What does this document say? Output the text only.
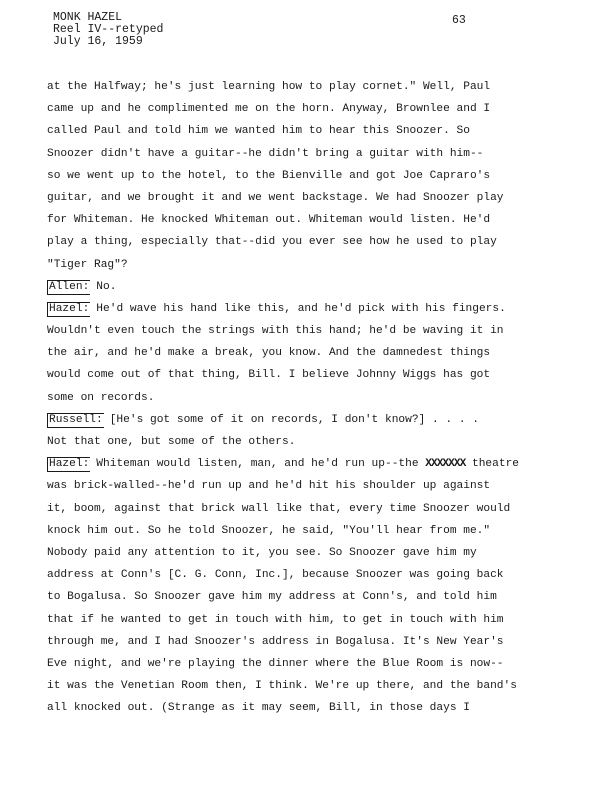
MONK HAZEL
Reel IV--retyped
July 16, 1959
63
at the Halfway; he's just learning how to play cornet." Well, Paul
came up and he complimented me on the horn. Anyway, Brownlee and I
called Paul and told him we wanted him to hear this Snoozer. So
Snoozer didn't have a guitar--he didn't bring a guitar with him--
so we went up to the hotel, to the Bienville and got Joe Capraro's
guitar, and we brought it and we went backstage. We had Snoozer play
for Whiteman. He knocked Whiteman out. Whiteman would listen. He'd
play a thing, especially that--did you ever see how he used to play
"Tiger Rag"?
Allen: No.
Hazel: He'd wave his hand like this, and he'd pick with his fingers.
Wouldn't even touch the strings with this hand; he'd be waving it in
the air, and he'd make a break, you know. And the damnedest things
would come out of that thing, Bill. I believe Johnny Wiggs has got
some on records.
Russell: [He's got some of it on records, I don't know?] . . . .
Not that one, but some of the others.
Hazel: Whiteman would listen, man, and he'd run up--the XXXXXXX theatre
was brick-walled--he'd run up and he'd hit his shoulder up against
it, boom, against that brick wall like that, every time Snoozer would
knock him out. So he told Snoozer, he said, "You'll hear from me."
Nobody paid any attention to it, you see. So Snoozer gave him my
address at Conn's [C. G. Conn, Inc.], because Snoozer was going back
to Bogalusa. So Snoozer gave him my address at Conn's, and told him
that if he wanted to get in touch with him, to get in touch with him
through me, and I had Snoozer's address in Bogalusa. It's New Year's
Eve night, and we're playing the dinner where the Blue Room is now--
it was the Venetian Room then, I think. We're up there, and the band's
all knocked out. (Strange as it may seem, Bill, in those days I
